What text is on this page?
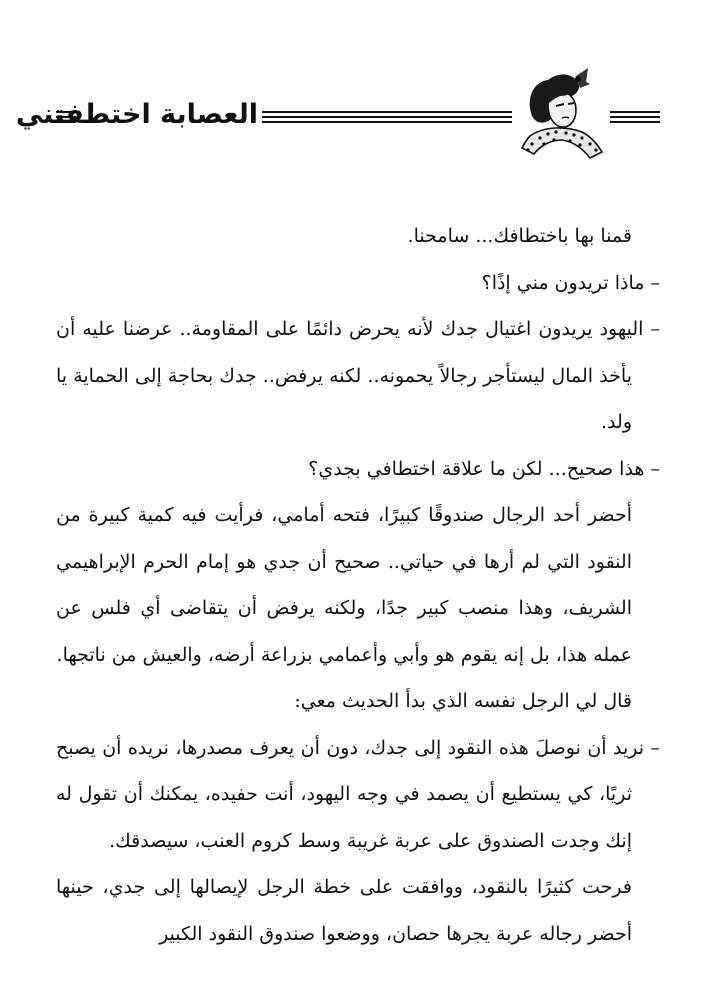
العصابة اختطفتني

قمنا بها باختطافك... سامحنا.

– ماذا تريدون مني إذًا؟

– اليهود يريدون اغتيال جدك لأنه يحرض دائمًا على المقاومة.. عرضنا عليه أن يأخذ المال ليستأجر رجالاً يحمونه.. لكنه يرفض.. جدك بحاجة إلى الحماية يا ولد.

– هذا صحيح... لكن ما علاقة اختطافي بجدي؟

أحضر أحد الرجال صندوقًا كبيرًا، فتحه أمامي، فرأيت فيه كمية كبيرة من النقود التي لم أرها في حياتي.. صحيح أن جدي هو إمام الحرم الإبراهيمي الشريف، وهذا منصب كبير جدًا، ولكنه يرفض أن يتقاضى أي فلس عن عمله هذا، بل إنه يقوم هو وأبي وأعمامي بزراعة أرضه، والعيش من ناتجها.

قال لي الرجل نفسه الذي بدأ الحديث معي:

– نريد أن نوصلَ هذه النقود إلى جدك، دون أن يعرف مصدرها، نريده أن يصبح ثريًا، كي يستطيع أن يصمد في وجه اليهود، أنت حفيده، يمكنك أن تقول له إنك وجدت الصندوق على عربة غريبة وسط كروم العنب، سيصدقك.

فرحت كثيرًا بالنقود، ووافقت على خطة الرجل لإيصالها إلى جدي، حينها أحضر رجاله عربة يجرها حصان، ووضعوا صندوق النقود الكبير
